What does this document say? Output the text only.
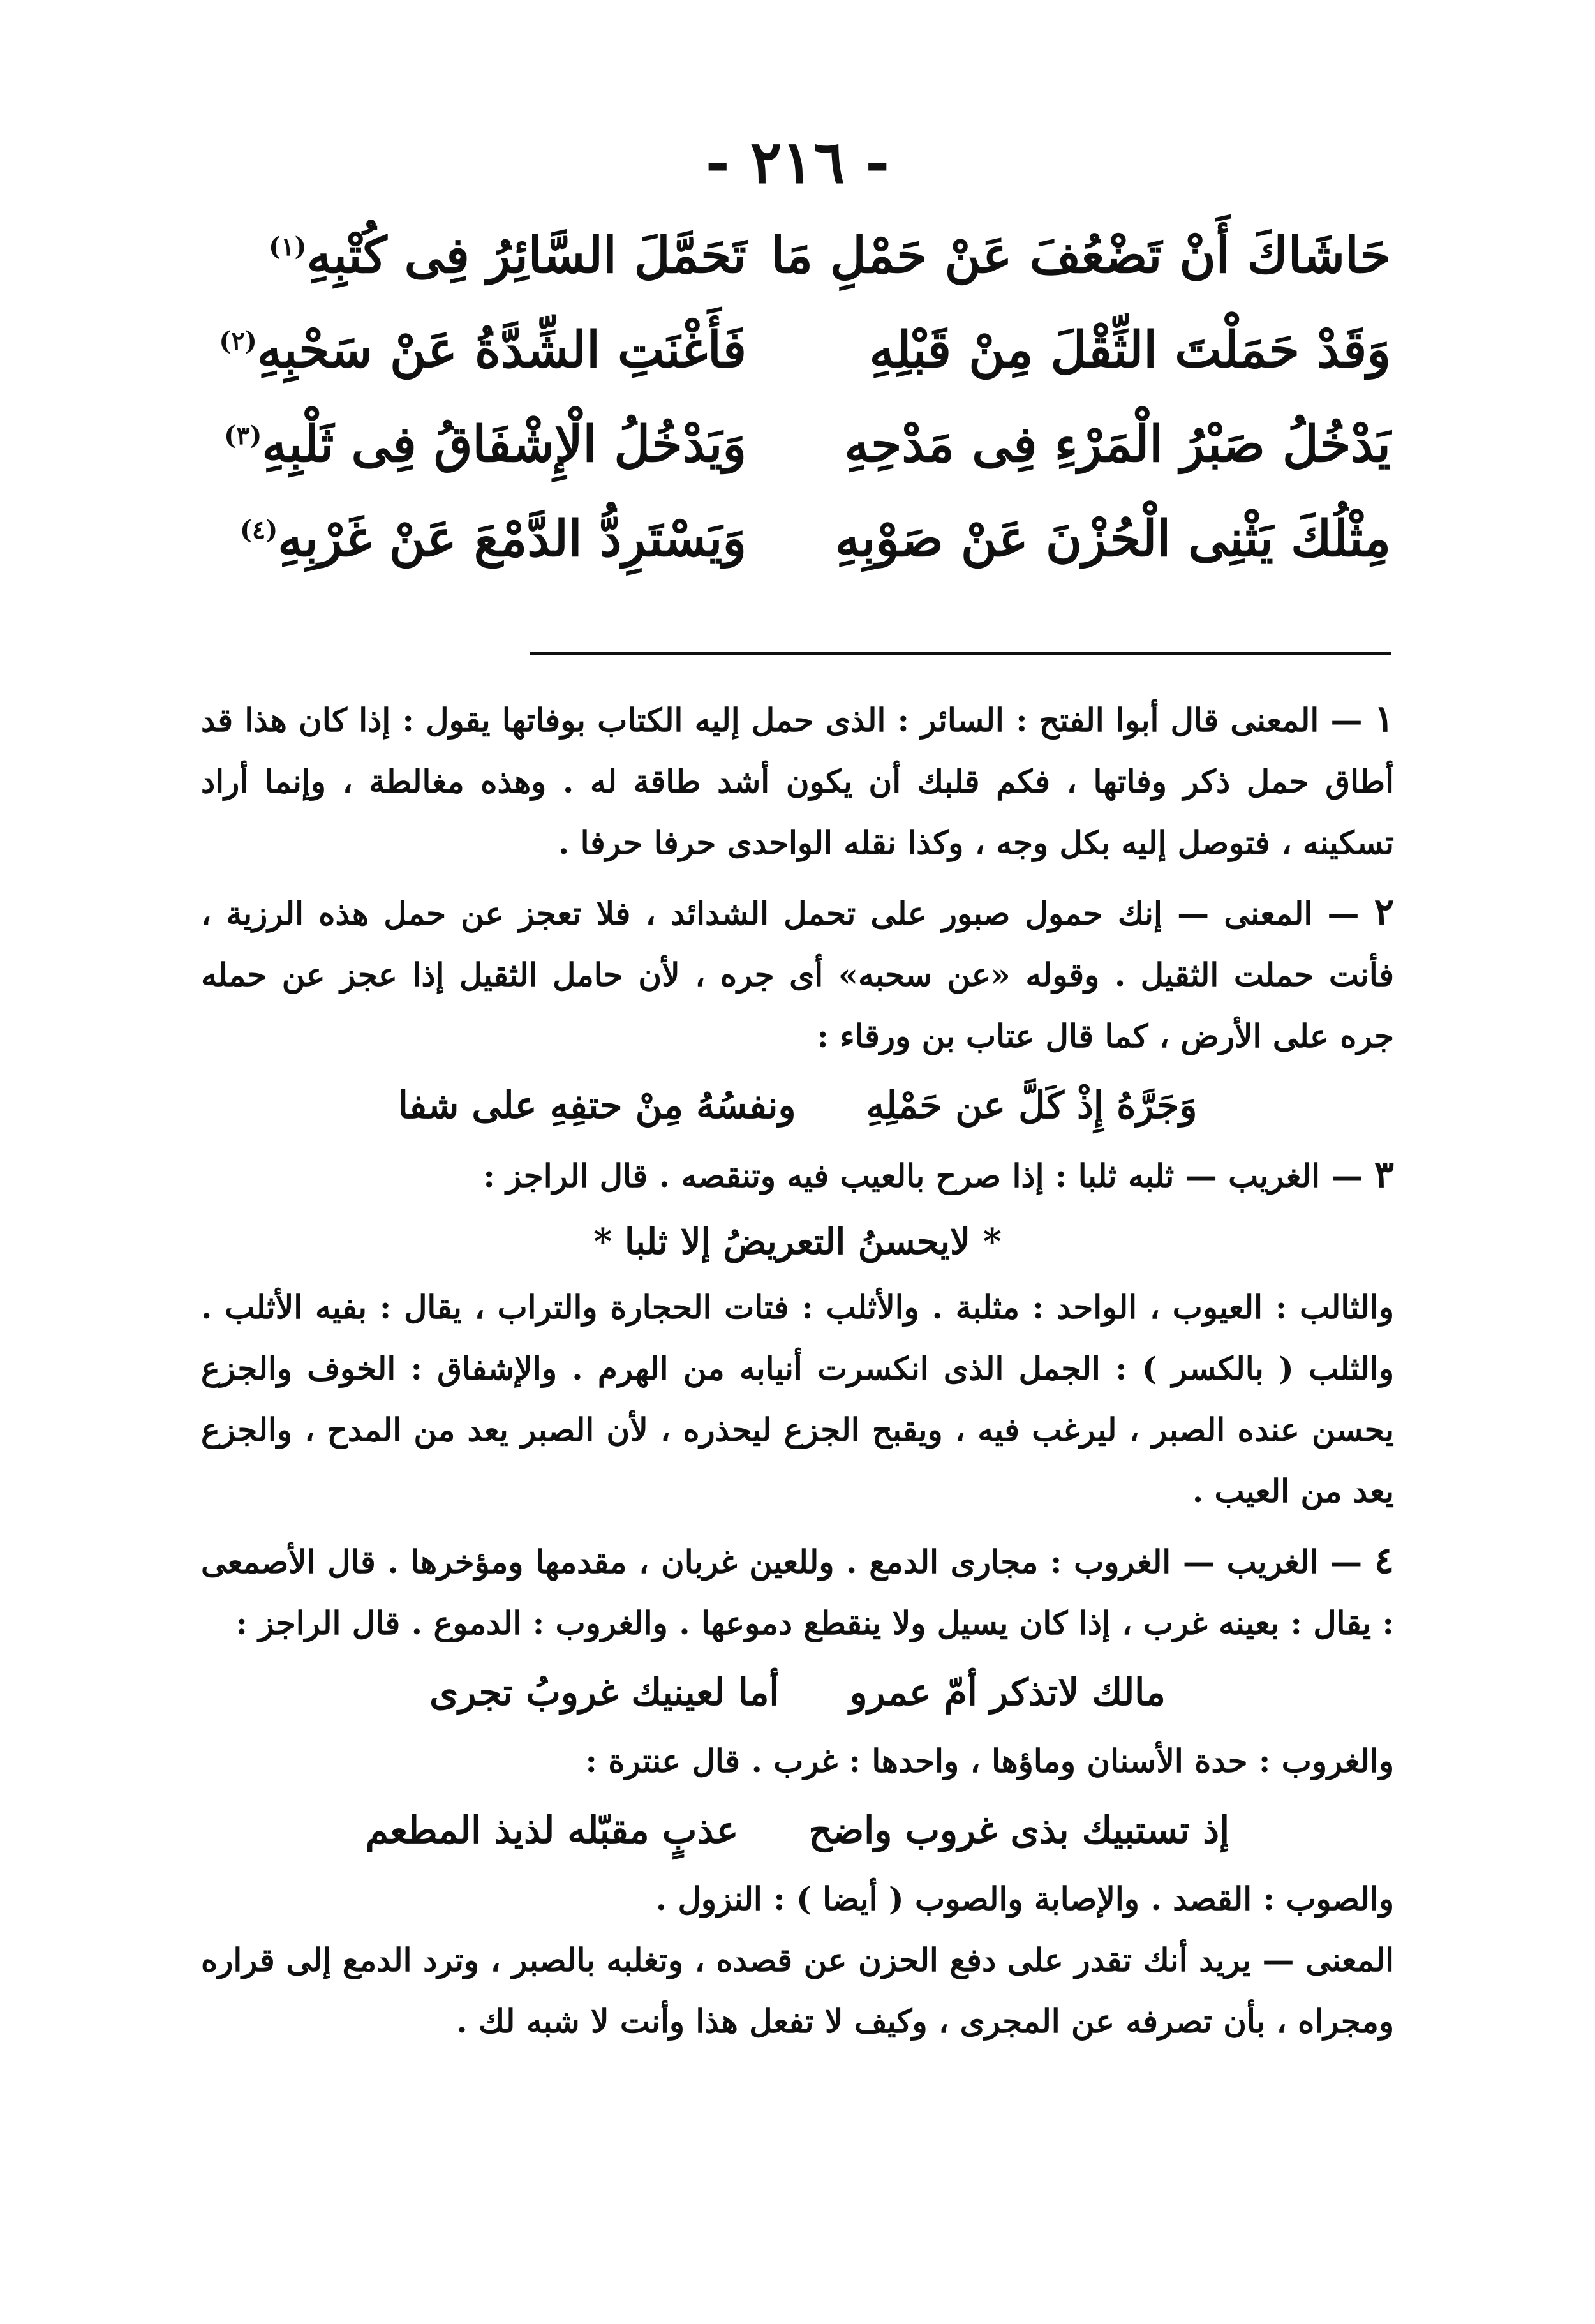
- ٢١٦ -
حَاشَاكَ أَنْ تَضْعُفَ عَنْ حَمْلِ مَا
تَحَمَّلَ السَّائِرُ فِى كُتْبِهِ$^{(١)}$
وَقَدْ حَمَلْتَ الثِّقْلَ مِنْ قَبْلِهِ
فَأَغْنَتِ الشِّدَّةُ عَنْ سَحْبِهِ$^{(٢)}$
يَدْخُلُ صَبْرُ الْمَرْءِ فِى مَدْحِهِ
وَيَدْخُلُ الْإِشْفَاقُ فِى ثَلْبِهِ$^{(٣)}$
مِثْلُكَ يَثْنِى الْحُزْنَ عَنْ صَوْبِهِ
وَيَسْتَرِدُّ الدَّمْعَ عَنْ غَرْبِهِ$^{(٤)}$

١ — المعنى قال أبوا الفتح : السائر : الذى حمل إليه الكتاب بوفاتها يقول : إذا كان هذا قد أطاق حمل ذكر وفاتها ، فكم قلبك أن يكون أشد طاقة له . وهذه مغالطة ، وإنما أراد تسكينه ، فتوصل إليه بكل وجه ، وكذا نقله الواحدى حرفا حرفا .

٢ — المعنى — إنك حمول صبور على تحمل الشدائد ، فلا تعجز عن حمل هذه الرزية ، فأنت حملت الثقيل . وقوله «عن سحبه» أى جره ، لأن حامل الثقيل إذا عجز عن حمله جره على الأرض ، كما قال عتاب بن ورقاء :

وَجَرَّهُ إِذْ كَلَّ عن حَمْلِهِونفسُهُ مِنْ حتفِهِ على شفا

٣ — الغريب — ثلبه ثلبا : إذا صرح بالعيب فيه وتنقصه . قال الراجز :

* لايحسنُ التعريضُ إلا ثلبا *

والثالب : العيوب ، الواحد : مثلبة . والأثلب : فتات الحجارة والتراب ، يقال : بفيه الأثلب . والثلب ( بالكسر ) : الجمل الذى انكسرت أنيابه من الهرم . والإشفاق : الخوف والجزع يحسن عنده الصبر ، ليرغب فيه ، ويقبح الجزع ليحذره ، لأن الصبر يعد من المدح ، والجزع يعد من العيب .

٤ — الغريب — الغروب : مجارى الدمع . وللعين غربان ، مقدمها ومؤخرها . قال الأصمعى : يقال : بعينه غرب ، إذا كان يسيل ولا ينقطع دموعها . والغروب : الدموع . قال الراجز :

مالك لاتذكر أمّ عمروأما لعينيك غروبُ تجرى

والغروب : حدة الأسنان وماؤها ، واحدها : غرب . قال عنترة :

إذ تستبيك بذى غروب واضحعذبٍ مقبّله لذيذ المطعم

والصوب : القصد . والإصابة والصوب ( أيضا ) : النزول .

المعنى — يريد أنك تقدر على دفع الحزن عن قصده ، وتغلبه بالصبر ، وترد الدمع إلى قراره ومجراه ، بأن تصرفه عن المجرى ، وكيف لا تفعل هذا وأنت لا شبه لك .
